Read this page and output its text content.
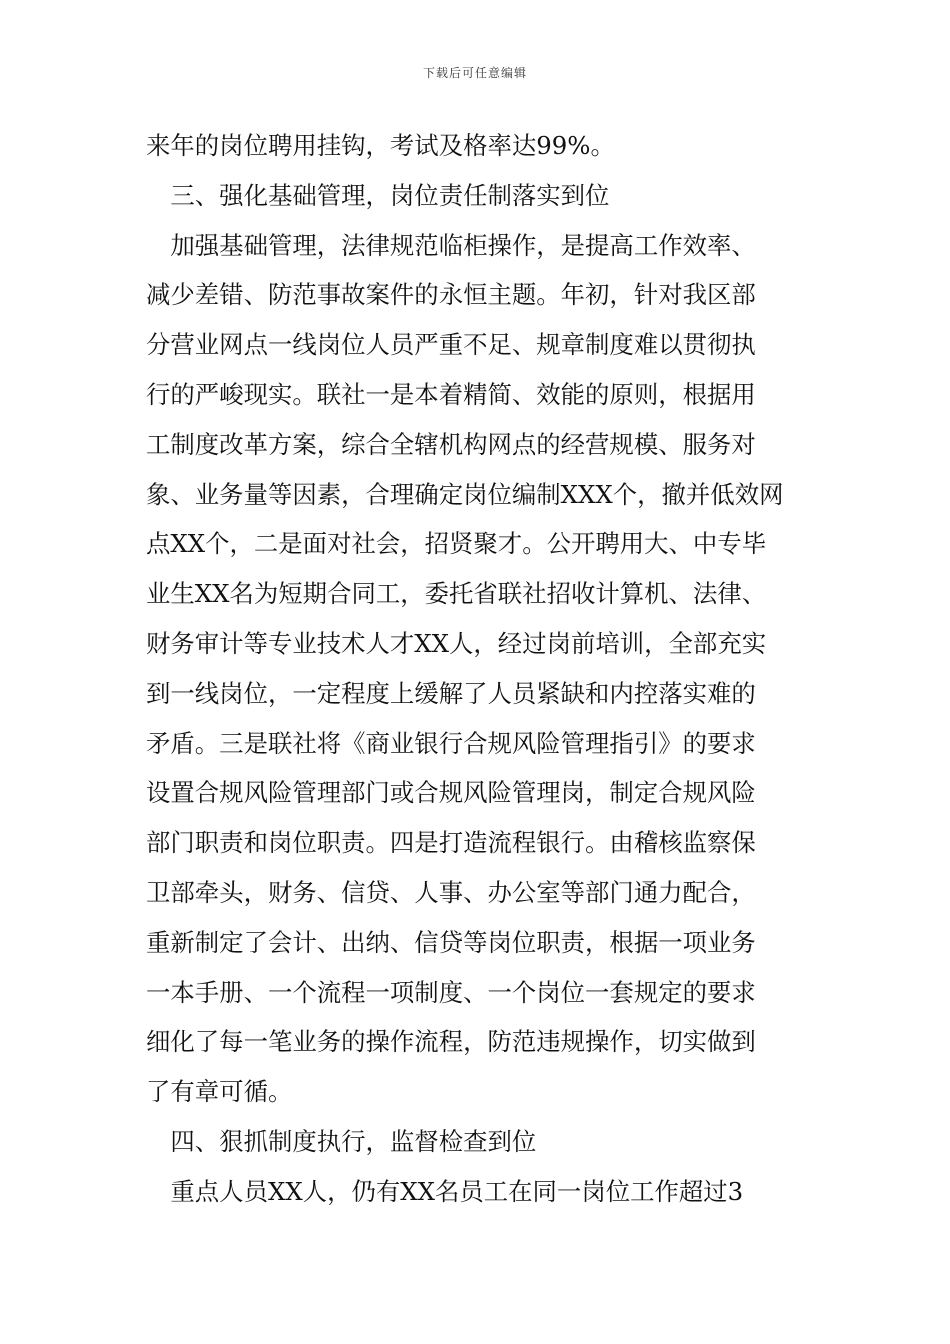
下载后可任意编辑
来年的岗位聘用挂钩，考试及格率达99%。
　三、强化基础管理，岗位责任制落实到位
　加强基础管理，法律规范临柜操作，是提高工作效率、
减少差错、防范事故案件的永恒主题。年初，针对我区部
分营业网点一线岗位人员严重不足、规章制度难以贯彻执
行的严峻现实。联社一是本着精简、效能的原则，根据用
工制度改革方案，综合全辖机构网点的经营规模、服务对
象、业务量等因素，合理确定岗位编制XXX个，撤并低效网
点XX个，二是面对社会，招贤聚才。公开聘用大、中专毕
业生XX名为短期合同工，委托省联社招收计算机、法律、
财务审计等专业技术人才XX人，经过岗前培训，全部充实
到一线岗位，一定程度上缓解了人员紧缺和内控落实难的
矛盾。三是联社将《商业银行合规风险管理指引》的要求
设置合规风险管理部门或合规风险管理岗，制定合规风险
部门职责和岗位职责。四是打造流程银行。由稽核监察保
卫部牵头，财务、信贷、人事、办公室等部门通力配合，
重新制定了会计、出纳、信贷等岗位职责，根据一项业务
一本手册、一个流程一项制度、一个岗位一套规定的要求
细化了每一笔业务的操作流程，防范违规操作，切实做到
了有章可循。
　四、狠抓制度执行，监督检查到位
　重点人员XX人，仍有XX名员工在同一岗位工作超过3
